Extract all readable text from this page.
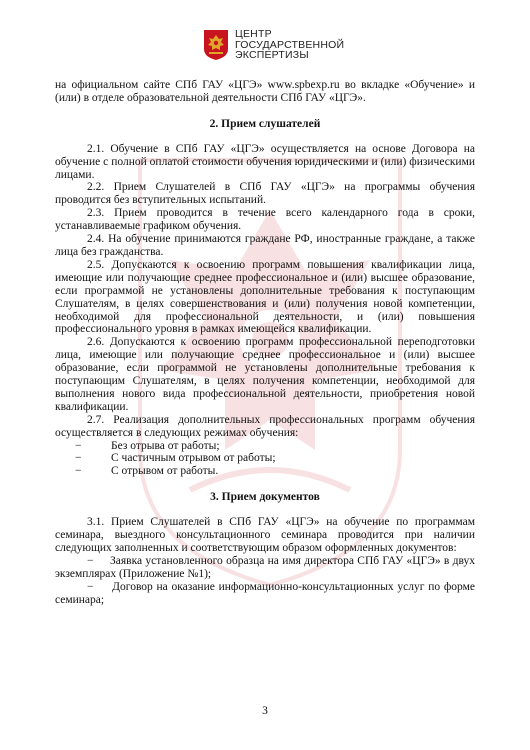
ЦЕНТР
ГОСУДАРСТВЕННОЙ
ЭКСПЕРТИЗЫ

на официальном сайте СПб ГАУ «ЦГЭ» www.spbexp.ru во вкладке «Обучение» и (или) в отделе образовательной деятельности СПб ГАУ «ЦГЭ».

2. Прием слушателей

2.1. Обучение в СПб ГАУ «ЦГЭ» осуществляется на основе Договора на обучение с полной оплатой стоимости обучения юридическими и (или) физическими лицами.

2.2. Прием Слушателей в СПб ГАУ «ЦГЭ» на программы обучения проводится без вступительных испытаний.

2.3. Прием проводится в течение всего календарного года в сроки, устанавливаемые графиком обучения.

2.4. На обучение принимаются граждане РФ, иностранные граждане, а также лица без гражданства.

2.5. Допускаются к освоению программ повышения квалификации лица, имеющие или получающие среднее профессиональное и (или) высшее образование, если программой не установлены дополнительные требования к поступающим Слушателям, в целях совершенствования и (или) получения новой компетенции, необходимой для профессиональной деятельности, и (или) повышения профессионального уровня в рамках имеющейся квалификации.

2.6. Допускаются к освоению программ профессиональной переподготовки лица, имеющие или получающие среднее профессиональное и (или) высшее образование, если программой не установлены дополнительные требования к поступающим Слушателям, в целях получения компетенции, необходимой для выполнения нового вида профессиональной деятельности, приобретения новой квалификации.

2.7. Реализация дополнительных профессиональных программ обучения осуществляется в следующих режимах обучения:

−	Без отрыва от работы;
−	С частичным отрывом от работы;
−	С отрывом от работы.

3. Прием документов

3.1. Прием Слушателей в СПб ГАУ «ЦГЭ» на обучение по программам семинара, выездного консультационного семинара проводится при наличии следующих заполненных и соответствующим образом оформленных документов:

− Заявка установленного образца на имя директора СПб ГАУ «ЦГЭ» в двух экземплярах (Приложение №1);

− Договор на оказание информационно-консультационных услуг по форме семинара;

3
